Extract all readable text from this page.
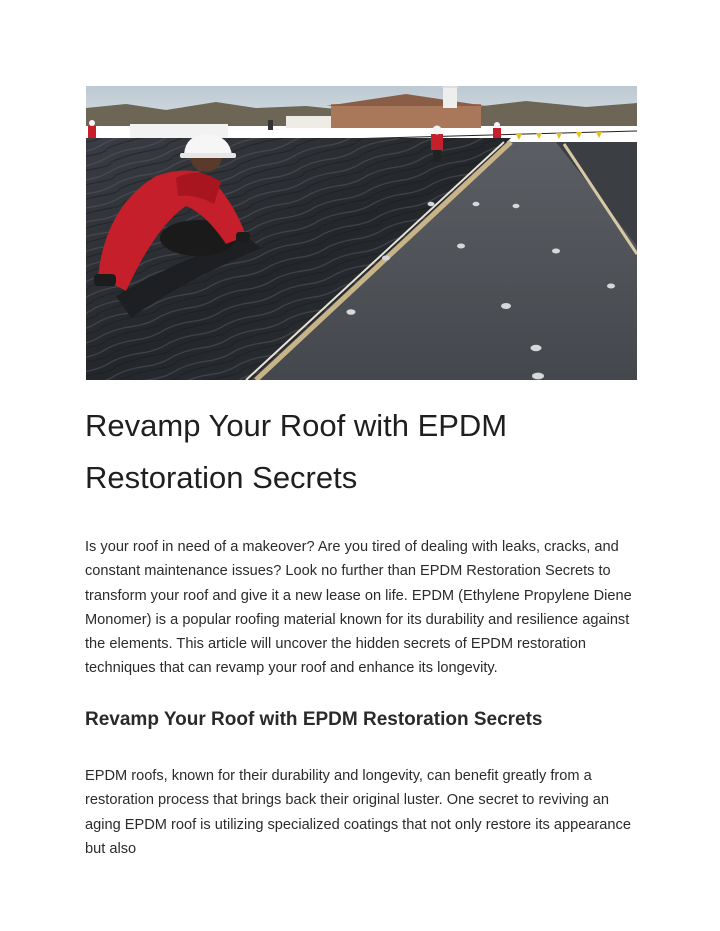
Revamp Your Roof with EPDM Restoration Secrets

Is your roof in need of a makeover? Are you tired of dealing with leaks, cracks, and constant maintenance issues? Look no further than EPDM Restoration Secrets to transform your roof and give it a new lease on life. EPDM (Ethylene Propylene Diene Monomer) is a popular roofing material known for its durability and resilience against the elements. This article will uncover the hidden secrets of EPDM restoration techniques that can revamp your roof and enhance its longevity.

Revamp Your Roof with EPDM Restoration Secrets

EPDM roofs, known for their durability and longevity, can benefit greatly from a restoration process that brings back their original luster. One secret to reviving an aging EPDM roof is utilizing specialized coatings that not only restore its appearance but also
